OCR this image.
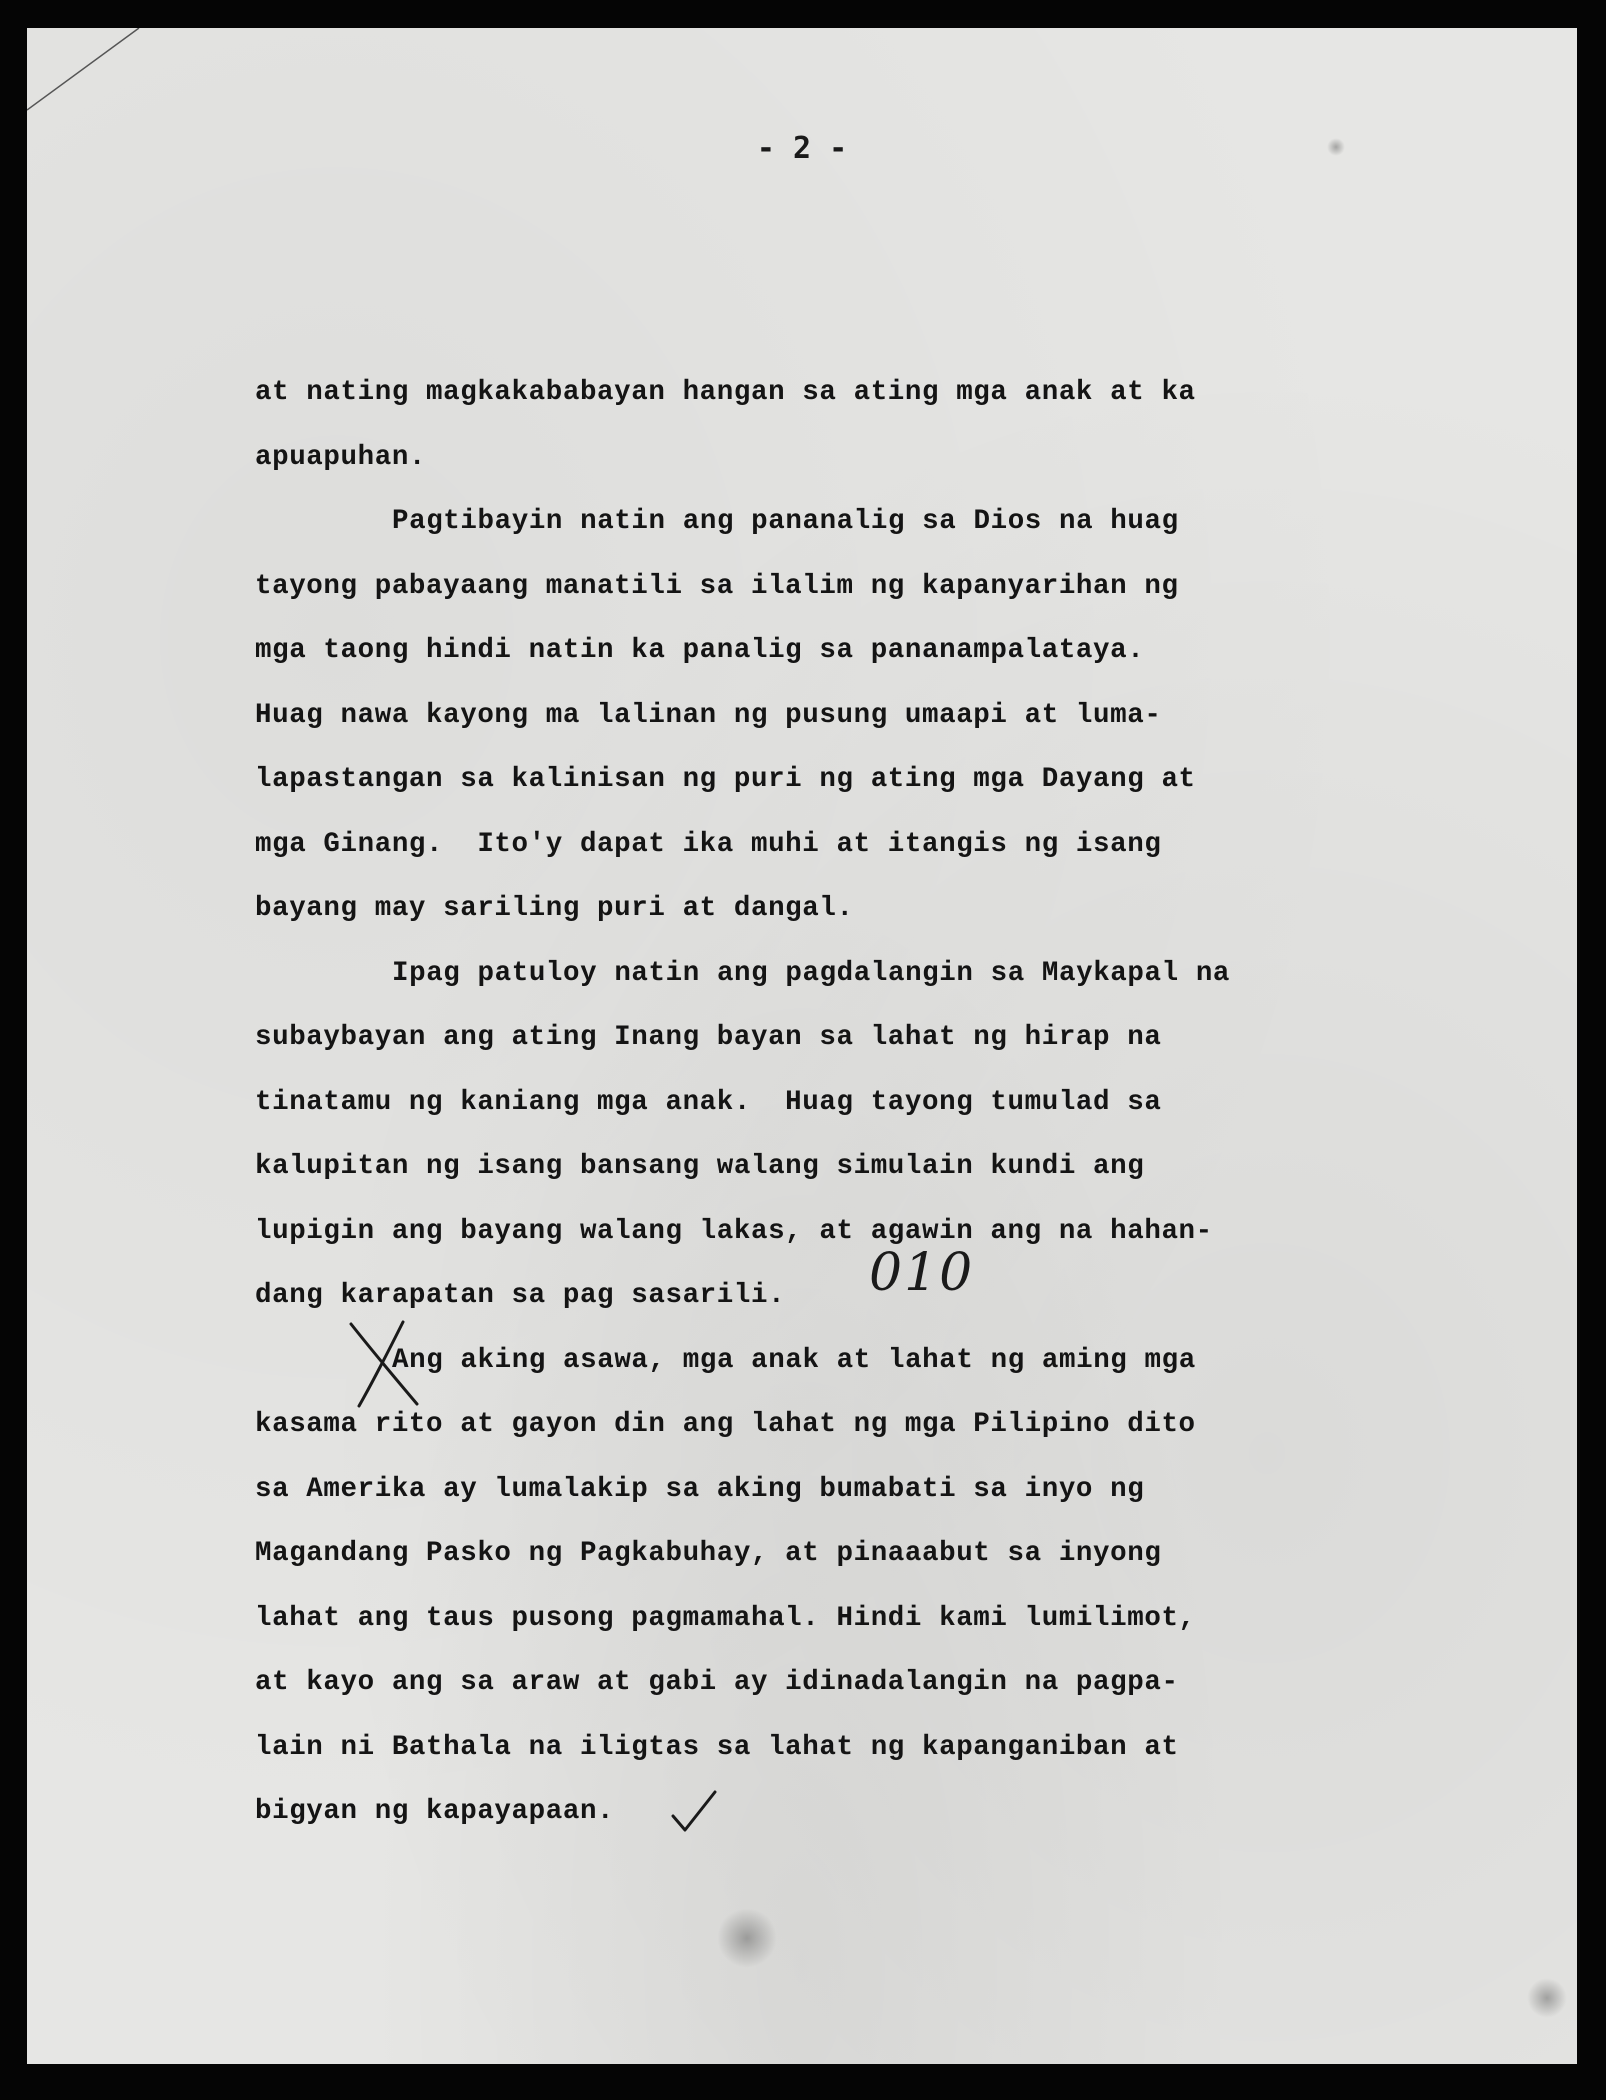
- 2 -
at nating magkakababayan hangan sa ating mga anak at ka
apuapuhan.
Pagtibayin natin ang pananalig sa Dios na huag
tayong pabayaang manatili sa ilalim ng kapanyarihan ng
mga taong hindi natin ka panalig sa pananampalataya.
Huag nawa kayong ma lalinan ng pusung umaapi at luma-
lapastangan sa kalinisan ng puri ng ating mga Dayang at
mga Ginang.  Ito'y dapat ika muhi at itangis ng isang
bayang may sariling puri at dangal.
Ipag patuloy natin ang pagdalangin sa Maykapal na
subaybayan ang ating Inang bayan sa lahat ng hirap na
tinatamu ng kaniang mga anak.  Huag tayong tumulad sa
kalupitan ng isang bansang walang simulain kundi ang
lupigin ang bayang walang lakas, at agawin ang na hahan-
dang karapatan sa pag sasarili.
Ang aking asawa, mga anak at lahat ng aming mga
kasama rito at gayon din ang lahat ng mga Pilipino dito
sa Amerika ay lumalakip sa aking bumabati sa inyo ng
Magandang Pasko ng Pagkabuhay, at pinaaabut sa inyong
lahat ang taus pusong pagmamahal. Hindi kami lumilimot,
at kayo ang sa araw at gabi ay idinadalangin na pagpa-
lain ni Bathala na iligtas sa lahat ng kapanganiban at
bigyan ng kapayapaan.
010
